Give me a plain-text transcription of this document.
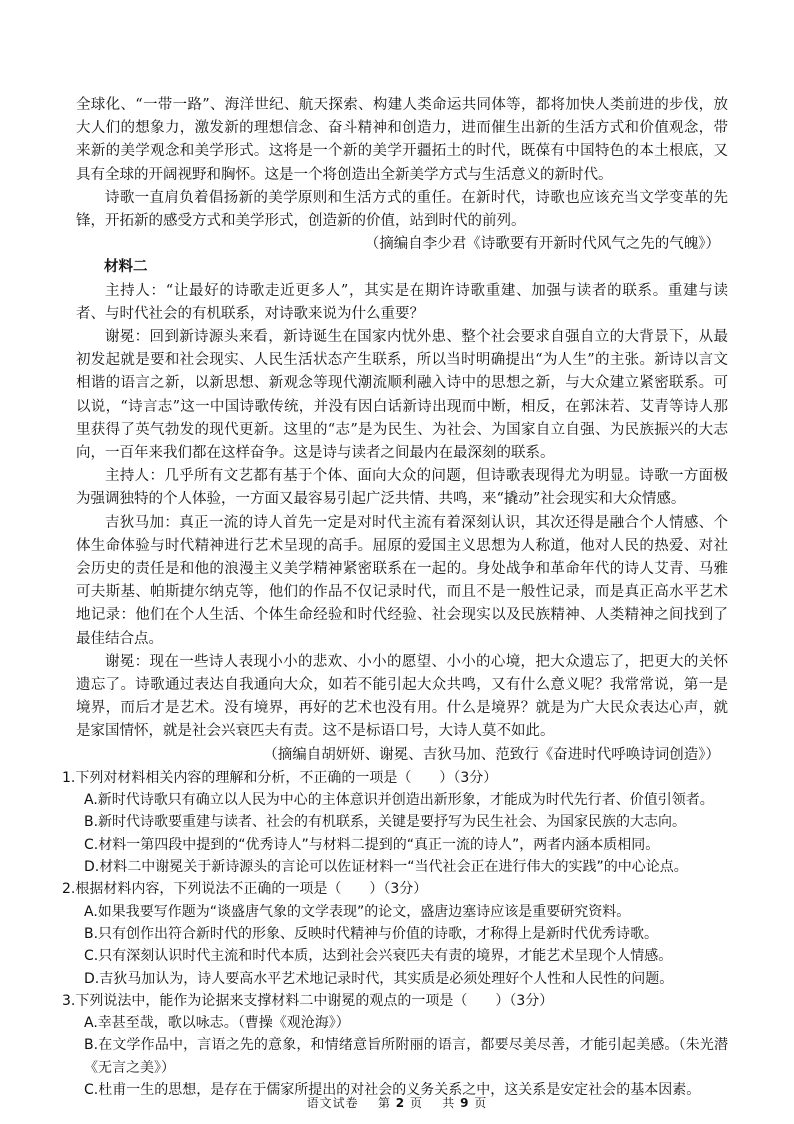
全球化、“一带一路”、海洋世纪、航天探索、构建人类命运共同体等，都将加快人类前进的步伐，放大人们的想象力，激发新的理想信念、奋斗精神和创造力，进而催生出新的生活方式和价值观念，带来新的美学观念和美学形式。这将是一个新的美学开疆拓土的时代，既葆有中国特色的本土根底，又具有全球的开阔视野和胸怀。这是一个将创造出全新美学方式与生活意义的新时代。

诗歌一直肩负着倡扬新的美学原则和生活方式的重任。在新时代，诗歌也应该充当文学变革的先锋，开拓新的感受方式和美学形式，创造新的价值，站到时代的前列。

（摘编自李少君《诗歌要有开新时代风气之先的气魄》）

材料二

主持人：“让最好的诗歌走近更多人”，其实是在期许诗歌重建、加强与读者的联系。重建与读者、与时代社会的有机联系，对诗歌来说为什么重要？

谢冕：回到新诗源头来看，新诗诞生在国家内忧外患、整个社会要求自强自立的大背景下，从最初发起就是要和社会现实、人民生活状态产生联系，所以当时明确提出“为人生”的主张。新诗以言文相谐的语言之新，以新思想、新观念等现代潮流顺利融入诗中的思想之新，与大众建立紧密联系。可以说，“诗言志”这一中国诗歌传统，并没有因白话新诗出现而中断，相反，在郭沫若、艾青等诗人那里获得了英气勃发的现代更新。这里的“志”是为民生、为社会、为国家自立自强、为民族振兴的大志向，一百年来我们都在这样奋争。这是诗与读者之间最内在最深刻的联系。

主持人：几乎所有文艺都有基于个体、面向大众的问题，但诗歌表现得尤为明显。诗歌一方面极为强调独特的个人体验，一方面又最容易引起广泛共情、共鸣，来“撬动”社会现实和大众情感。

吉狄马加：真正一流的诗人首先一定是对时代主流有着深刻认识，其次还得是融合个人情感、个体生命体验与时代精神进行艺术呈现的高手。屈原的爱国主义思想为人称道，他对人民的热爱、对社会历史的责任是和他的浪漫主义美学精神紧密联系在一起的。身处战争和革命年代的诗人艾青、马雅可夫斯基、帕斯捷尔纳克等，他们的作品不仅记录时代，而且不是一般性记录，而是真正高水平艺术地记录：他们在个人生活、个体生命经验和时代经验、社会现实以及民族精神、人类精神之间找到了最佳结合点。

谢冕：现在一些诗人表现小小的悲欢、小小的愿望、小小的心境，把大众遗忘了，把更大的关怀遗忘了。诗歌通过表达自我通向大众，如若不能引起大众共鸣，又有什么意义呢？我常常说，第一是境界，而后才是艺术。没有境界，再好的艺术也没有用。什么是境界？就是为广大民众表达心声，就是家国情怀，就是社会兴衰匹夫有责。这不是标语口号，大诗人莫不如此。

（摘编自胡妍妍、谢冕、吉狄马加、范致行《奋进时代呼唤诗词创造》）

1.下列对材料相关内容的理解和分析，不正确的一项是（　　）（3分）
A.新时代诗歌只有确立以人民为中心的主体意识并创造出新形象，才能成为时代先行者、价值引领者。
B.新时代诗歌要重建与读者、社会的有机联系，关键是要抒写为民生社会、为国家民族的大志向。
C.材料一第四段中提到的“优秀诗人”与材料二提到的“真正一流的诗人”，两者内涵本质相同。
D.材料二中谢冕关于新诗源头的言论可以佐证材料一“当代社会正在进行伟大的实践”的中心论点。
2.根据材料内容，下列说法不正确的一项是（　　）（3分）
A.如果我要写作题为“谈盛唐气象的文学表现”的论文，盛唐边塞诗应该是重要研究资料。
B.只有创作出符合新时代的形象、反映时代精神与价值的诗歌，才称得上是新时代优秀诗歌。
C.只有深刻认识时代主流和时代本质，达到社会兴衰匹夫有责的境界，才能艺术呈现个人情感。
D.吉狄马加认为，诗人要高水平艺术地记录时代，其实质是必须处理好个人性和人民性的问题。
3.下列说法中，能作为论据来支撑材料二中谢冕的观点的一项是（　　）（3分）
A.幸甚至哉，歌以咏志。（曹操《观沧海》）
B.在文学作品中，言语之先的意象，和情绪意旨所附丽的语言，都要尽美尽善，才能引起美感。（朱光潜《无言之美》）
C.杜甫一生的思想，是存在于儒家所提出的对社会的义务关系之中，这关系是安定社会的基本因素。
语文试卷 第 2 页 共 9 页
